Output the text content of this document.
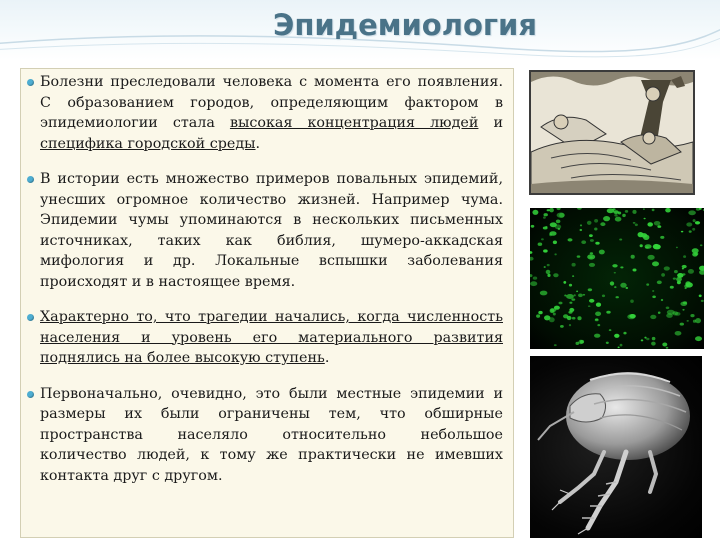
Эпидемиология
Болезни преследовали человека с момента его появления. С образованием городов, определяющим фактором в эпидемиологии стала высокая концентрация людей и специфика городской среды.
В истории есть множество примеров повальных эпидемий, унесших огромное количество жизней. Например чума. Эпидемии чумы упоминаются в нескольких письменных источниках, таких как библия, шумеро-аккадская мифология и др. Локальные вспышки заболевания происходят и в настоящее время.
Характерно то, что трагедии начались, когда численность населения и уровень его материального развития поднялись на более высокую ступень.
Первоначально, очевидно, это были местные эпидемии и размеры их были ограничены тем, что обширные пространства населяло относительно небольшое количество людей, к тому же практически не имевших контакта друг с другом.
